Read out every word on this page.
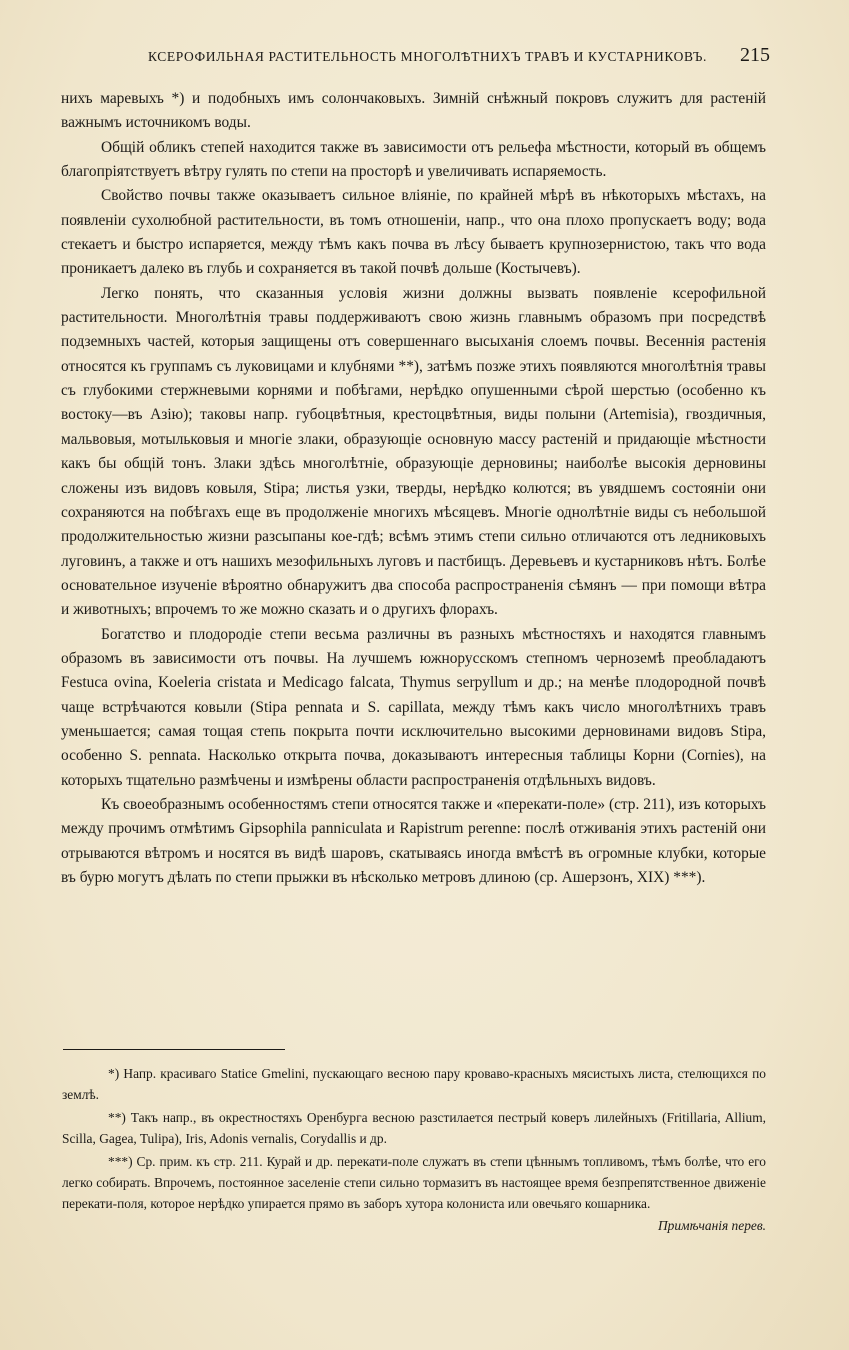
КСЕРОФИЛЬНАЯ РАСТИТЕЛЬНОСТЬ МНОГОЛѢТНИХЪ ТРАВЪ И КУСТАРНИКОВЪ. 215

нихъ маревыхъ *) и подобныхъ имъ солончаковыхъ. Зимній снѣжный покровъ служитъ для растеній важнымъ источникомъ воды.

Общій обликъ степей находится также въ зависимости отъ рельефа мѣстности, который въ общемъ благопріятствуетъ вѣтру гулять по степи на просторѣ и увеличивать испаряемость.

Свойство почвы также оказываетъ сильное вліяніе, по крайней мѣрѣ въ нѣкоторыхъ мѣстахъ, на появленіи сухолюбной растительности, въ томъ отношеніи, напр., что она плохо пропускаетъ воду; вода стекаетъ и быстро испаряется, между тѣмъ какъ почва въ лѣсу бываетъ крупнозернистою, такъ что вода проникаетъ далеко въ глубь и сохраняется въ такой почвѣ дольше (Костычевъ).

Легко понять, что сказанныя условія жизни должны вызвать появленіе ксерофильной растительности. Многолѣтнія травы поддерживаютъ свою жизнь главнымъ образомъ при посредствѣ подземныхъ частей, которыя защищены отъ совершеннаго высыханія слоемъ почвы. Весеннія растенія относятся къ группамъ съ луковицами и клубнями **), затѣмъ позже этихъ появляются многолѣтнія травы съ глубокими стержневыми корнями и побѣгами, нерѣдко опушенными сѣрой шерстью (особенно къ востоку—въ Азію); таковы напр. губоцвѣтныя, крестоцвѣтныя, виды полыни (Artemisia), гвоздичныя, мальвовыя, мотыльковыя и многіе злаки, образующіе основную массу растеній и придающіе мѣстности какъ бы общій тонъ. Злаки здѣсь многолѣтніе, образующіе дерновины; наиболѣе высокія дерновины сложены изъ видовъ ковыля, Stipa; листья узки, тверды, нерѣдко колются; въ увядшемъ состояніи они сохраняются на побѣгахъ еще въ продолженіе многихъ мѣсяцевъ. Многіе однолѣтніе виды съ небольшой продолжительностью жизни разсыпаны кое-гдѣ; всѣмъ этимъ степи сильно отличаются отъ ледниковыхъ луговинъ, а также и отъ нашихъ мезофильныхъ луговъ и пастбищъ. Деревьевъ и кустарниковъ нѣтъ. Болѣе основательное изученіе вѣроятно обнаружитъ два способа распространенія сѣмянъ — при помощи вѣтра и животныхъ; впрочемъ то же можно сказать и о другихъ флорахъ.

Богатство и плодородіе степи весьма различны въ разныхъ мѣстностяхъ и находятся главнымъ образомъ въ зависимости отъ почвы. На лучшемъ южнорусскомъ степномъ черноземѣ преобладаютъ Festuca ovina, Koeleria cristata и Medicago falcata, Thymus serpyllum и др.; на менѣе плодородной почвѣ чаще встрѣчаются ковыли (Stipa pennata и S. capillata, между тѣмъ какъ число многолѣтнихъ травъ уменьшается; самая тощая степь покрыта почти исключительно высокими дерновинами видовъ Stipa, особенно S. pennata. Насколько открыта почва, доказываютъ интересныя таблицы Корни (Cornies), на которыхъ тщательно размѣчены и измѣрены области распространенія отдѣльныхъ видовъ.

Къ своеобразнымъ особенностямъ степи относятся также и «перекати-поле» (стр. 211), изъ которыхъ между прочимъ отмѣтимъ Gipsophila panniculata и Rapistrum perenne: послѣ отживанія этихъ растеній они отрываются вѣтромъ и носятся въ видѣ шаровъ, скатываясь иногда вмѣстѣ въ огромные клубки, которые въ бурю могутъ дѣлать по степи прыжки въ нѣсколько метровъ длиною (ср. Ашерзонъ, XIX) ***).

*) Напр. красиваго Statice Gmelini, пускающаго весною пару кроваво-красныхъ мясистыхъ листа, стелющихся по землѣ.

**) Такъ напр., въ окрестностяхъ Оренбурга весною разстилается пестрый коверъ лилейныхъ (Fritillaria, Allium, Scilla, Gagea, Tulipa), Iris, Adonis vernalis, Corydallis и др.

***) Ср. прим. къ стр. 211. Курай и др. перекати-поле служатъ въ степи цѣннымъ топливомъ, тѣмъ болѣе, что его легко собирать. Впрочемъ, постоянное заселеніе степи сильно тормазитъ въ настоящее время безпрепятственное движеніе перекати-поля, которое нерѣдко упирается прямо въ заборъ хутора колониста или овечьяго кошарника.
Примѣчанія перев.
